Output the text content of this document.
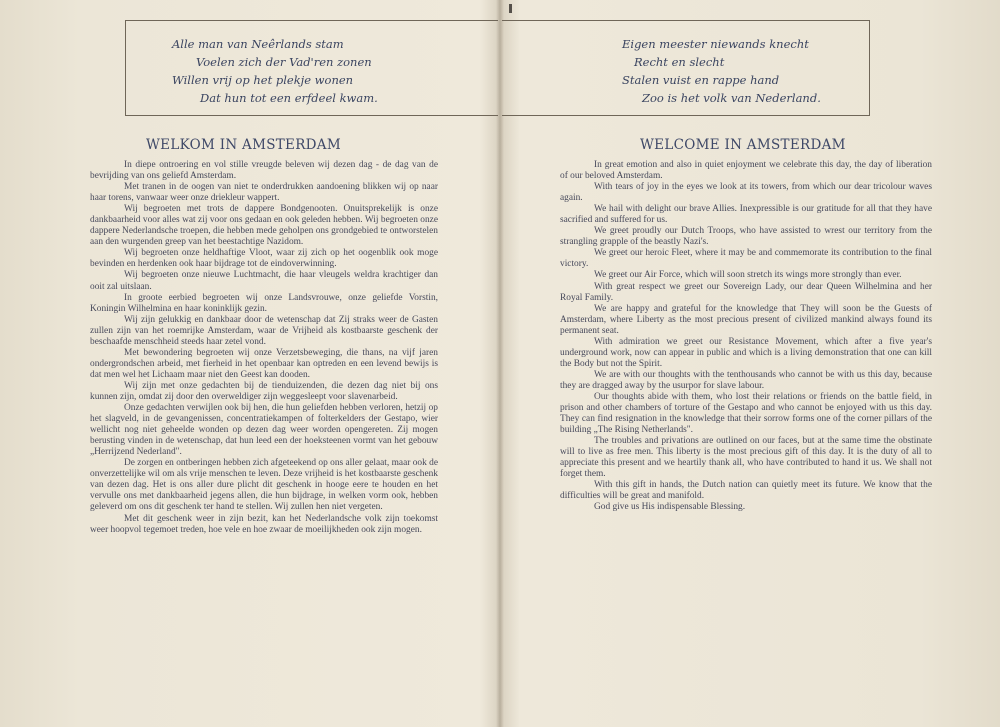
Alle man van Neêrlands stam
Voelen zich der Vad'ren zonen
Willen vrij op het plekje wonen
Dat hun tot een erfdeel kwam.
WELKOM IN AMSTERDAM

In diepe ontroering en vol stille vreugde beleven wij dezen dag - de dag van de bevrijding van ons geliefd Amsterdam.

Met tranen in de oogen van niet te onderdrukken aandoening blikken wij op naar haar torens, vanwaar weer onze driekleur wappert.

Wij begroeten met trots de dappere Bondgenooten. Onuitsprekelijk is onze dankbaarheid voor alles wat zij voor ons gedaan en ook geleden hebben. Wij begroeten onze dappere Nederlandsche troepen, die hebben mede geholpen ons grondgebied te ontworstelen aan den wurgenden greep van het beestachtige Nazidom.

Wij begroeten onze heldhaftige Vloot, waar zij zich op het oogenblik ook moge bevinden en herdenken ook haar bijdrage tot de eindoverwinning.

Wij begroeten onze nieuwe Luchtmacht, die haar vleugels weldra krachtiger dan ooit zal uitslaan.

In groote eerbied begroeten wij onze Landsvrouwe, onze geliefde Vorstin, Koningin Wilhelmina en haar koninklijk gezin.

Wij zijn gelukkig en dankbaar door de wetenschap dat Zij straks weer de Gasten zullen zijn van het roemrijke Amsterdam, waar de Vrijheid als kostbaarste geschenk der beschaafde menschheid steeds haar zetel vond.

Met bewondering begroeten wij onze Verzetsbeweging, die thans, na vijf jaren ondergrondschen arbeid, met fierheid in het openbaar kan optreden en een levend bewijs is dat men wel het Lichaam maar niet den Geest kan dooden.

Wij zijn met onze gedachten bij de tienduizenden, die dezen dag niet bij ons kunnen zijn, omdat zij door den overweldiger zijn weggesleept voor slavenarbeid.

Onze gedachten verwijlen ook bij hen, die hun geliefden hebben verloren, hetzij op het slagveld, in de gevangenissen, concentratiekampen of folterkelders der Gestapo, wier wellicht nog niet geheelde wonden op dezen dag weer worden opengereten. Zij mogen berusting vinden in de wetenschap, dat hun leed een der hoeksteenen vormt van het gebouw „Herrijzend Nederland".

De zorgen en ontberingen hebben zich afgeteekend op ons aller gelaat, maar ook de onverzettelijke wil om als vrije menschen te leven. Deze vrijheid is het kostbaarste geschenk van dezen dag. Het is ons aller dure plicht dit geschenk in hooge eere te houden en het vervulle ons met dankbaarheid jegens allen, die hun bijdrage, in welken vorm ook, hebben geleverd om ons dit geschenk ter hand te stellen. Wij zullen hen niet vergeten.

Met dit geschenk weer in zijn bezit, kan het Nederlandsche volk zijn toekomst weer hoopvol tegemoet treden, hoe vele en hoe zwaar de moeilijkheden ook zijn mogen.

Eigen meester niewands knecht
Recht en slecht
Stalen vuist en rappe hand
Zoo is het volk van Nederland.
WELCOME IN AMSTERDAM

In great emotion and also in quiet enjoyment we celebrate this day, the day of liberation of our beloved Amsterdam.

With tears of joy in the eyes we look at its towers, from which our dear tricolour waves again.

We hail with delight our brave Allies. Inexpressible is our gratitude for all that they have sacrified and suffered for us.

We greet proudly our Dutch Troops, who have assisted to wrest our territory from the strangling grapple of the beastly Nazi's.

We greet our heroic Fleet, where it may be and commemorate its contribution to the final victory.

We greet our Air Force, which will soon stretch its wings more strongly than ever.

With great respect we greet our Sovereign Lady, our dear Queen Wilhelmina and her Royal Family.

We are happy and grateful for the knowledge that They will soon be the Guests of Amsterdam, where Liberty as the most precious present of civilized mankind always found its permanent seat.

With admiration we greet our Resistance Movement, which after a five year's underground work, now can appear in public and which is a living demonstration that one can kill the Body but not the Spirit.

We are with our thoughts with the tenthousands who cannot be with us this day, because they are dragged away by the usurpor for slave labour.

Our thoughts abide with them, who lost their relations or friends on the battle field, in prison and other chambers of torture of the Gestapo and who cannot be enjoyed with us this day. They can find resignation in the knowledge that their sorrow forms one of the corner pillars of the building „The Rising Netherlands".

The troubles and privations are outlined on our faces, but at the same time the obstinate will to live as free men. This liberty is the most precious gift of this day. It is the duty of all to appreciate this present and we heartily thank all, who have contributed to hand it us. We shall not forget them.

With this gift in hands, the Dutch nation can quietly meet its future. We know that the difficulties will be great and manifold.

God give us His indispensable Blessing.
